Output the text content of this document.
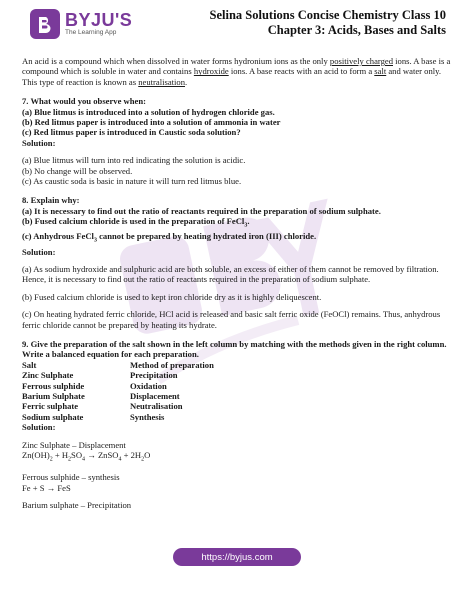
BYJU'S
The Learning App
Selina Solutions Concise Chemistry Class 10
Chapter 3: Acids, Bases and Salts

An acid is a compound which when dissolved in water forms hydronium ions as the only positively charged ions. A base is a compound which is soluble in water and contains hydroxide ions. A base reacts with an acid to form a salt and water only. This type of reaction is known as neutralisation.

7. What would you observe when:

(a) Blue litmus is introduced into a solution of hydrogen chloride gas.

(b) Red litmus paper is introduced into a solution of ammonia in water

(c) Red litmus paper is introduced in Caustic soda solution?

Solution:

(a) Blue litmus will turn into red indicating the solution is acidic.

(b) No change will be observed.

(c) As caustic soda is basic in nature it will turn red litmus blue.

8. Explain why:

(a) It is necessary to find out the ratio of reactants required in the preparation of sodium sulphate.

(b) Fused calcium chloride is used in the preparation of FeCl$_3$.

(c) Anhydrous FeCl$_3$ cannot be prepared by heating hydrated iron (III) chloride.

Solution:

(a) As sodium hydroxide and sulphuric acid are both soluble, an excess of either of them cannot be removed by filtration. Hence, it is necessary to find out the ratio of reactants required in the preparation of sodium sulphate.

(b) Fused calcium chloride is used to kept iron chloride dry as it is highly deliquescent.

(c) On heating hydrated ferric chloride, HCl acid is released and basic salt ferric oxide (FeOCl) remains. Thus, anhydrous ferric chloride cannot be prepared by heating its hydrate.

9. Give the preparation of the salt shown in the left column by matching with the methods given in the right column. Write a balanced equation for each preparation.

Salt	Method of preparation
Zinc Sulphate	Precipitation
Ferrous sulphide	Oxidation
Barium Sulphate	Displacement
Ferric sulphate	Neutralisation
Sodium sulphate	Synthesis

Solution:

Zinc Sulphate – Displacement

$Zn(OH)_2 + H_2SO_4$ → ZnSO$_4$ + $2H_2O$

Ferrous sulphide – synthesis

Fe + S → FeS

Barium sulphate – Precipitation

https://byjus.com
